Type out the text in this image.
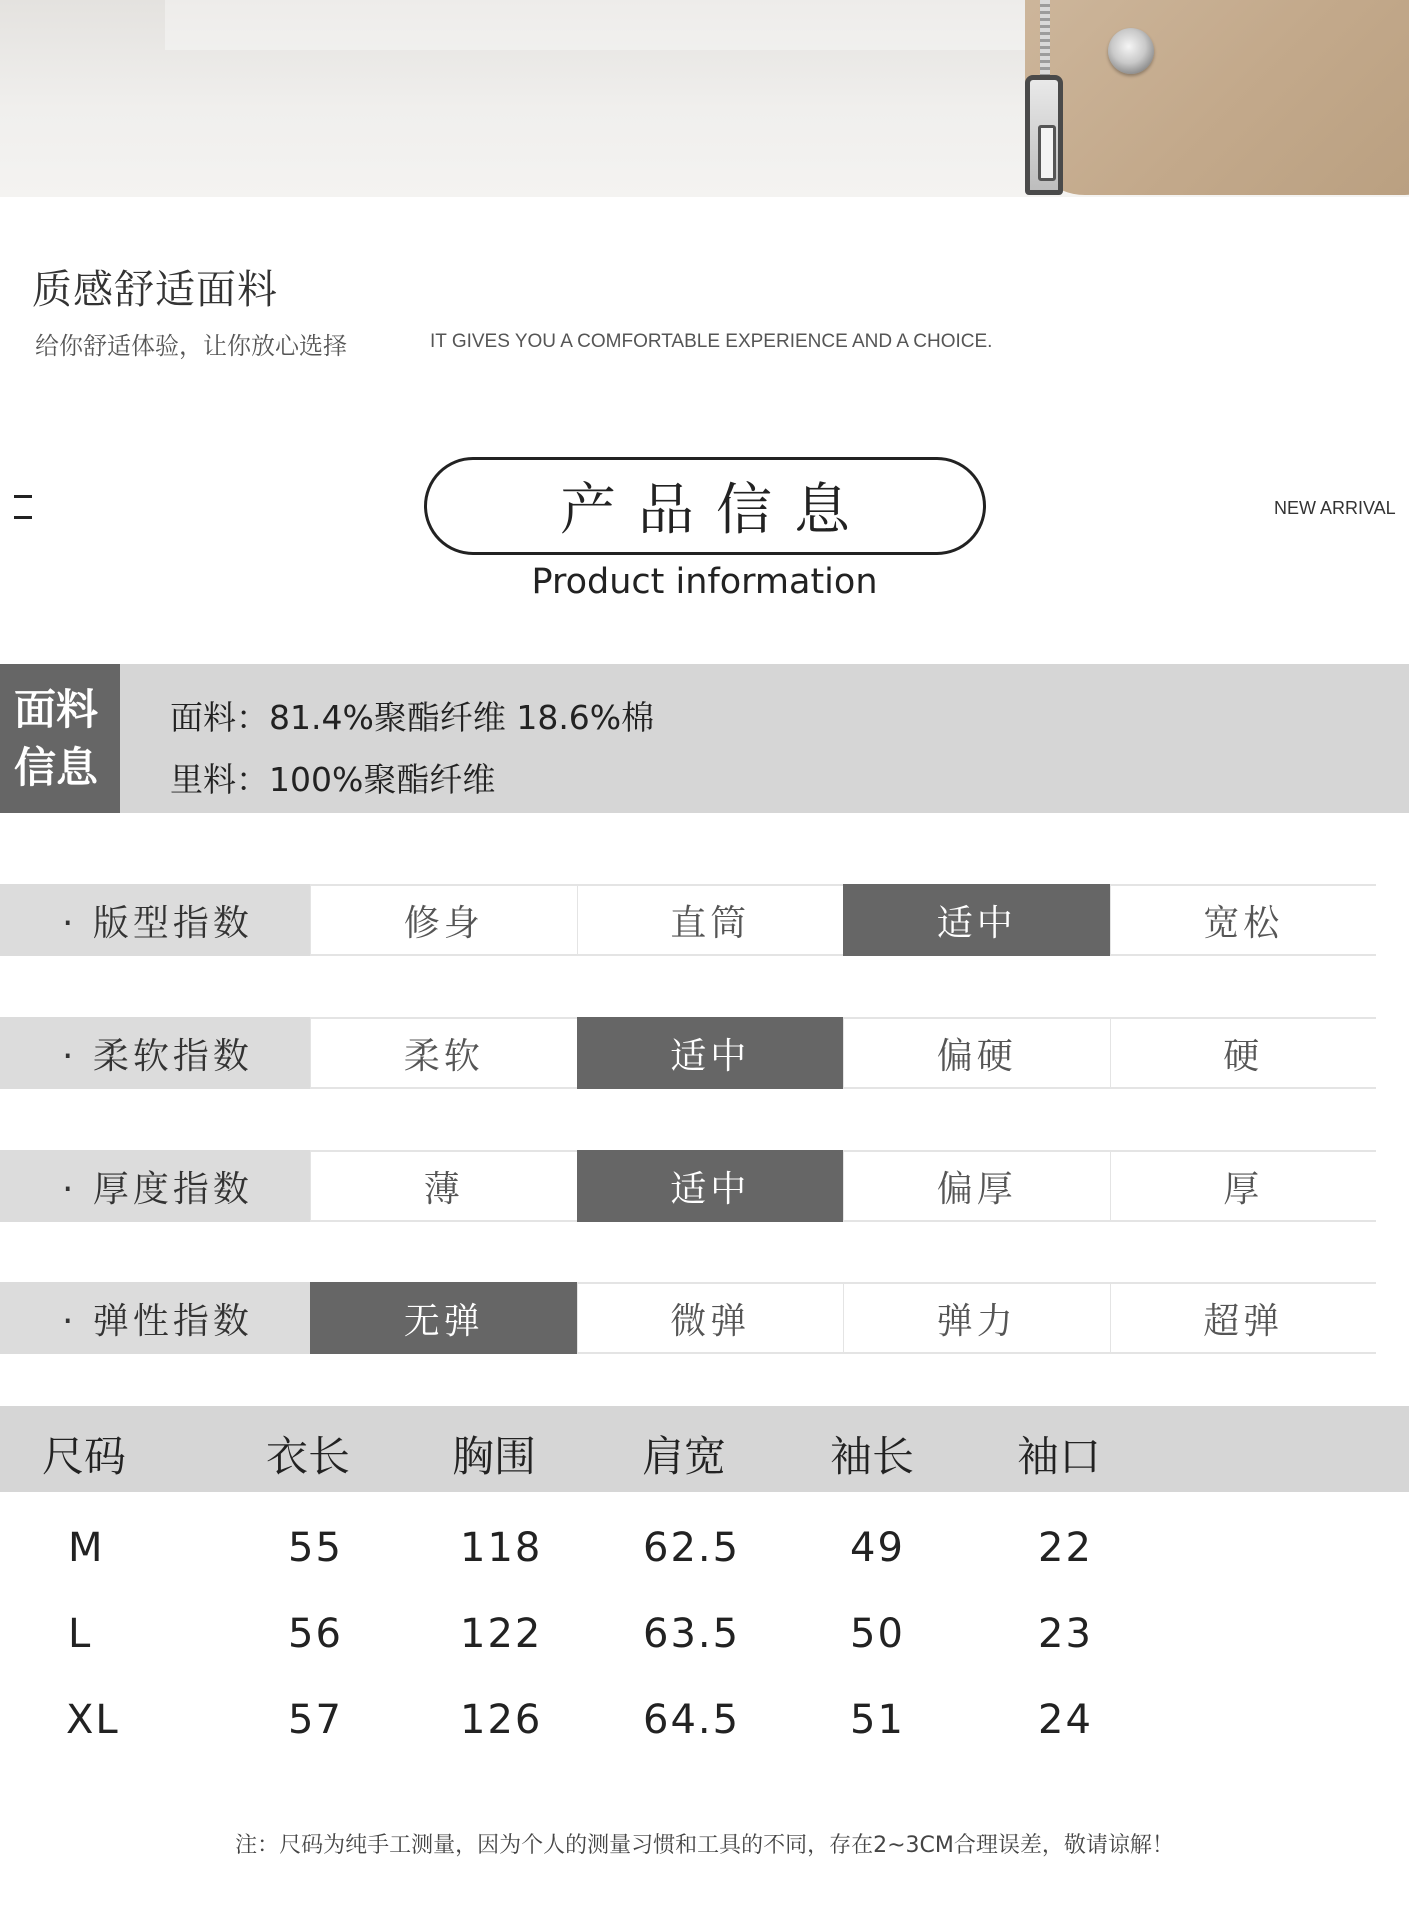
质感舒适面料
给你舒适体验，让你放心选择	IT GIVES YOU A COMFORTABLE EXPERIENCE AND A CHOICE.
产品信息
Product information
NEW ARRIVAL
面料
信息
面料：81.4%聚酯纤维 18.6%棉
里料：100%聚酯纤维
· 版型指数	修身	直筒	适中	宽松
· 柔软指数	柔软	适中	偏硬	硬
· 厚度指数	薄	适中	偏厚	厚
· 弹性指数	无弹	微弹	弹力	超弹
尺码	衣长 胸围	肩宽 袖长 袖口
M	55	118	62.5	49	22
L	56	122	63.5	50	23
XL	57	126	64.5	51	24
注：尺码为纯手工测量，因为个人的测量习惯和工具的不同，存在2~3CM合理误差，敬请谅解！
